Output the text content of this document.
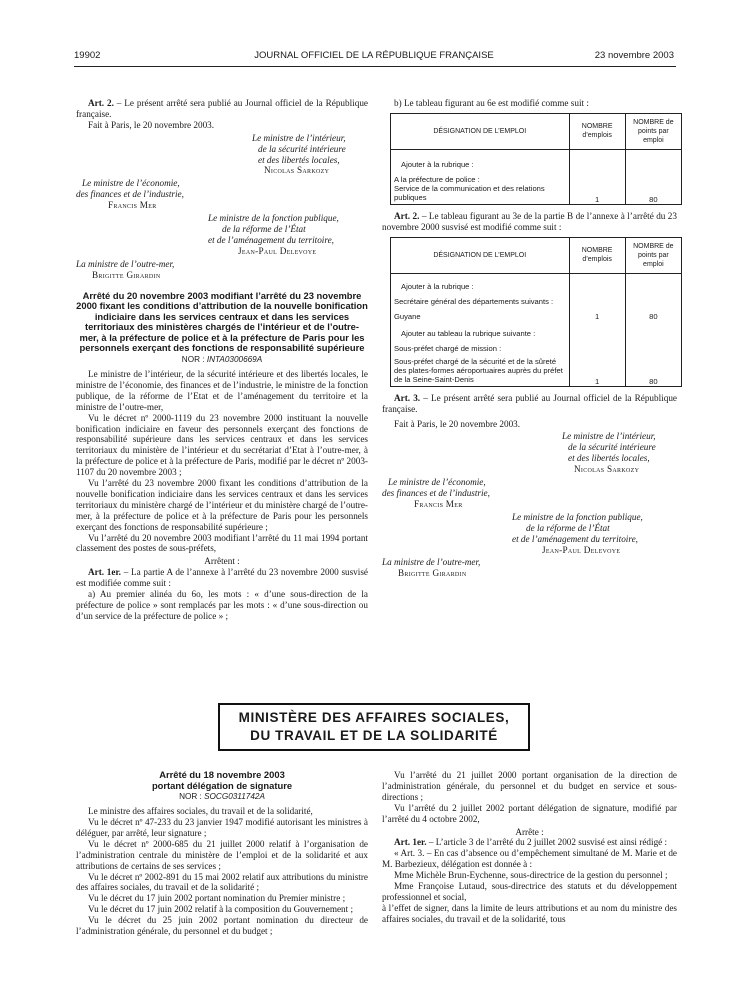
19902	JOURNAL OFFICIEL DE LA RÉPUBLIQUE FRANÇAISE	23 novembre 2003

Art. 2. – Le présent arrêté sera publié au Journal officiel de la République française.

Fait à Paris, le 20 novembre 2003.

Le ministre de l’intérieur,
de la sécurité intérieure
et des libertés locales,
Nicolas Sarkozy

Le ministre de l’économie,
des finances et de l’industrie,
Francis Mer

Le ministre de la fonction publique,
de la réforme de l’État
et de l’aménagement du territoire,
Jean-Paul Delevoye

La ministre de l’outre-mer,
Brigitte Girardin

Arrêté du 20 novembre 2003 modifiant l’arrêté du 23 novembre 2000 fixant les conditions d’attribution de la nouvelle bonification indiciaire dans les services centraux et dans les services territoriaux des ministères chargés de l’intérieur et de l’outre-mer, à la préfecture de police et à la préfecture de Paris pour les personnels exerçant des fonctions de responsabilité supérieure

NOR : INTA0300669A

Le ministre de l’intérieur, de la sécurité intérieure et des libertés locales, le ministre de l’économie, des finances et de l’industrie, le ministre de la fonction publique, de la réforme de l’Etat et de l’aménagement du territoire et la ministre de l’outre-mer,

Vu le décret nº 2000-1119 du 23 novembre 2000 instituant la nouvelle bonification indiciaire en faveur des personnels exerçant des fonctions de responsabilité supérieure dans les services centraux et dans les services territoriaux du ministère de l’intérieur et du secrétariat d’Etat à l’outre-mer, à la préfecture de police et à la préfecture de Paris, modifié par le décret nº 2003-1107 du 20 novembre 2003 ;

Vu l’arrêté du 23 novembre 2000 fixant les conditions d’attribution de la nouvelle bonification indiciaire dans les services centraux et dans les services territoriaux du ministère chargé de l’intérieur et du ministère chargé de l’outre-mer, à la préfecture de police et à la préfecture de Paris pour les personnels exerçant des fonctions de responsabilité supérieure ;

Vu l’arrêté du 20 novembre 2003 modifiant l’arrêté du 11 mai 1994 portant classement des postes de sous-préfets,

Arrêtent :

Art. 1er. – La partie A de l’annexe à l’arrêté du 23 novembre 2000 susvisé est modifiée comme suit :

a) Au premier alinéa du 6o, les mots : « d’une sous-direction de la préfecture de police » sont remplacés par les mots : « d’une sous-direction ou d’un service de la préfecture de police » ;

b) Le tableau figurant au 6e est modifié comme suit :

DÉSIGNATION DE L’EMPLOI	NOMBRE d’emplois	NOMBRE de points par emploi
Ajouter à la rubrique :		
A la préfecture de police :		
Service de la communication et des relations publiques	1	80

Art. 2. – Le tableau figurant au 3e de la partie B de l’annexe à l’arrêté du 23 novembre 2000 susvisé est modifié comme suit :

DÉSIGNATION DE L’EMPLOI	NOMBRE d’emplois	NOMBRE de points par emploi
Ajouter à la rubrique :		
Secrétaire général des départements suivants :		
Guyane	1	80
Ajouter au tableau la rubrique suivante :		
Sous-préfet chargé de mission :		
Sous-préfet chargé de la sécurité et de la sûreté des plates-formes aéroportuaires auprès du préfet de la Seine-Saint-Denis	1	80

Art. 3. – Le présent arrêté sera publié au Journal officiel de la République française.

Fait à Paris, le 20 novembre 2003.

Le ministre de l’intérieur,
de la sécurité intérieure
et des libertés locales,
Nicolas Sarkozy

Le ministre de l’économie,
des finances et de l’industrie,
Francis Mer

Le ministre de la fonction publique,
de la réforme de l’État
et de l’aménagement du territoire,
Jean-Paul Delevoye

La ministre de l’outre-mer,
Brigitte Girardin

MINISTÈRE DES AFFAIRES SOCIALES,
DU TRAVAIL ET DE LA SOLIDARITÉ

Arrêté du 18 novembre 2003
portant délégation de signature

NOR : SOCG0311742A

Le ministre des affaires sociales, du travail et de la solidarité,

Vu le décret nº 47-233 du 23 janvier 1947 modifié autorisant les ministres à déléguer, par arrêté, leur signature ;

Vu le décret nº 2000-685 du 21 juillet 2000 relatif à l’organisation de l’administration centrale du ministère de l’emploi et de la solidarité et aux attributions de certains de ses services ;

Vu le décret nº 2002-891 du 15 mai 2002 relatif aux attributions du ministre des affaires sociales, du travail et de la solidarité ;

Vu le décret du 17 juin 2002 portant nomination du Premier ministre ;

Vu le décret du 17 juin 2002 relatif à la composition du Gouvernement ;

Vu le décret du 25 juin 2002 portant nomination du directeur de l’administration générale, du personnel et du budget ;

Vu l’arrêté du 21 juillet 2000 portant organisation de la direction de l’administration générale, du personnel et du budget en service et sous-directions ;

Vu l’arrêté du 2 juillet 2002 portant délégation de signature, modifié par l’arrêté du 4 octobre 2002,

Arrête :

Art. 1er. – L’article 3 de l’arrêté du 2 juillet 2002 susvisé est ainsi rédigé :

« Art. 3. – En cas d’absence ou d’empêchement simultané de M. Marie et de M. Barbezieux, délégation est donnée à :

Mme Michèle Brun-Eychenne, sous-directrice de la gestion du personnel ;

Mme Françoise Lutaud, sous-directrice des statuts et du développement professionnel et social,

à l’effet de signer, dans la limite de leurs attributions et au nom du ministre des affaires sociales, du travail et de la solidarité, tous
